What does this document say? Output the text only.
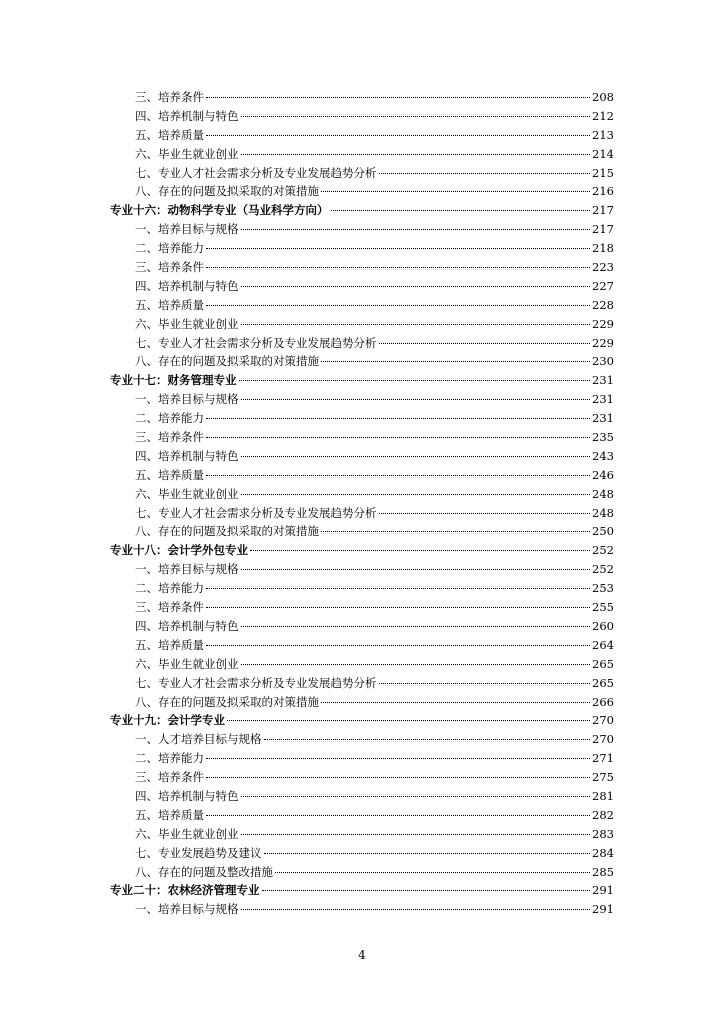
三、培养条件	208
四、培养机制与特色	212
五、培养质量	213
六、毕业生就业创业	214
七、专业人才社会需求分析及专业发展趋势分析	215
八、存在的问题及拟采取的对策措施	216
专业十六：动物科学专业（马业科学方向）	217
一、培养目标与规格	217
二、培养能力	218
三、培养条件	223
四、培养机制与特色	227
五、培养质量	228
六、毕业生就业创业	229
七、专业人才社会需求分析及专业发展趋势分析	229
八、存在的问题及拟采取的对策措施	230
专业十七：财务管理专业	231
一、培养目标与规格	231
二、培养能力	231
三、培养条件	235
四、培养机制与特色	243
五、培养质量	246
六、毕业生就业创业	248
七、专业人才社会需求分析及专业发展趋势分析	248
八、存在的问题及拟采取的对策措施	250
专业十八：会计学外包专业	252
一、培养目标与规格	252
二、培养能力	253
三、培养条件	255
四、培养机制与特色	260
五、培养质量	264
六、毕业生就业创业	265
七、专业人才社会需求分析及专业发展趋势分析	265
八、存在的问题及拟采取的对策措施	266
专业十九：会计学专业	270
一、人才培养目标与规格	270
二、培养能力	271
三、培养条件	275
四、培养机制与特色	281
五、培养质量	282
六、毕业生就业创业	283
七、专业发展趋势及建议	284
八、存在的问题及整改措施	285
专业二十：农林经济管理专业	291
一、培养目标与规格	291
4
